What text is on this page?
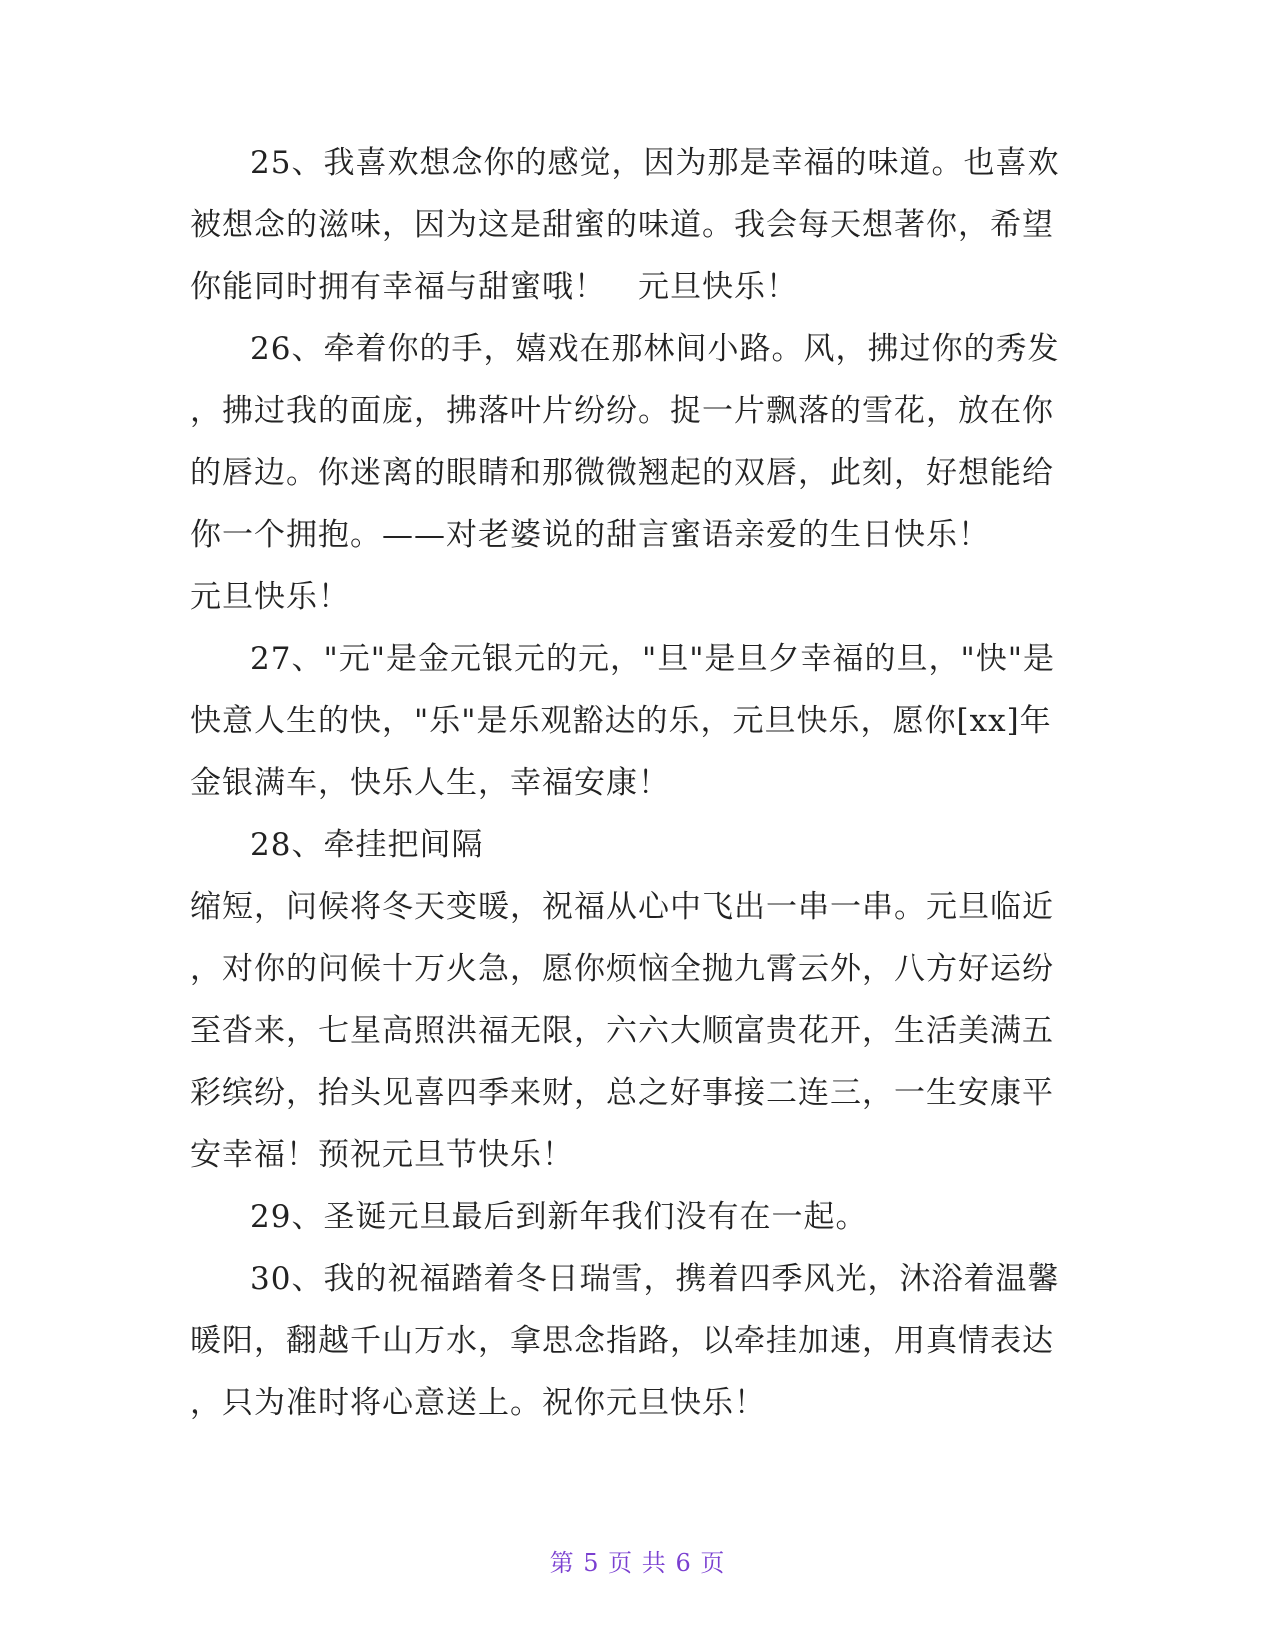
25、我喜欢想念你的感觉，因为那是幸福的味道。也喜欢
被想念的滋味，因为这是甜蜜的味道。我会每天想著你，希望
你能同时拥有幸福与甜蜜哦！　元旦快乐！
26、牵着你的手，嬉戏在那林间小路。风，拂过你的秀发
，拂过我的面庞，拂落叶片纷纷。捉一片飘落的雪花，放在你
的唇边。你迷离的眼睛和那微微翘起的双唇，此刻，好想能给
你一个拥抱。——对老婆说的甜言蜜语亲爱的生日快乐！
元旦快乐！
27、"元"是金元银元的元，"旦"是旦夕幸福的旦，"快"是
快意人生的快，"乐"是乐观豁达的乐，元旦快乐，愿你[xx]年
金银满车，快乐人生，幸福安康！
28、牵挂把间隔
缩短，问候将冬天变暖，祝福从心中飞出一串一串。元旦临近
，对你的问候十万火急，愿你烦恼全抛九霄云外，八方好运纷
至沓来，七星高照洪福无限，六六大顺富贵花开，生活美满五
彩缤纷，抬头见喜四季来财，总之好事接二连三，一生安康平
安幸福！预祝元旦节快乐！
29、圣诞元旦最后到新年我们没有在一起。
30、我的祝福踏着冬日瑞雪，携着四季风光，沐浴着温馨
暖阳，翻越千山万水，拿思念指路，以牵挂加速，用真情表达
，只为准时将心意送上。祝你元旦快乐！
第 5 页 共 6 页
